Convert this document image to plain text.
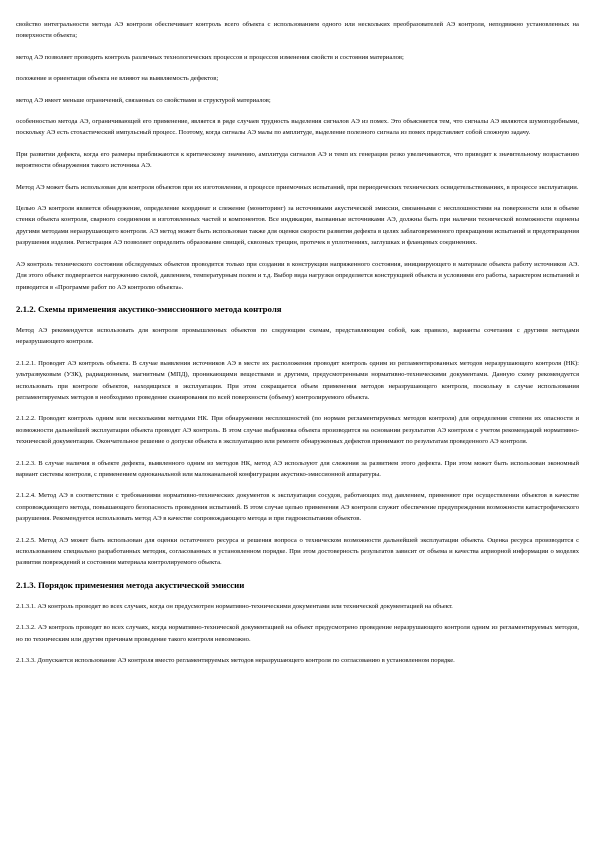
свойство интегральности метода АЭ контроля обеспечивает контроль всего объекта с использованием одного или нескольких преобразователей АЭ контроля, неподвижно установленных на поверхности объекта;

метод АЭ позволяет проводить контроль различных технологических процессов и процессов изменения свойств и состояния материалов;

положение и ориентация объекта не влияют на выявляемость дефектов;

метод АЭ имеет меньше ограничений, связанных со свойствами и структурой материалов;

особенностью метода АЭ, ограничивающей его применение, является в ряде случаев трудность выделения сигналов АЭ из помех. Это объясняется тем, что сигналы АЭ являются шумоподобными, поскольку АЭ есть стохастический импульсный процесс. Поэтому, когда сигналы АЭ малы по амплитуде, выделение полезного сигнала из помех представляет собой сложную задачу.

При развитии дефекта, когда его размеры приближаются к критическому значению, амплитуда сигналов АЭ и темп их генерации резко увеличиваются, что приводит к значительному возрастанию вероятности обнаружения такого источника АЭ.

Метод АЭ может быть использован для контроля объектов при их изготовлении, в процессе приемочных испытаний, при периодических технических освидетельствованиях, в процессе эксплуатации.

Целью АЭ контроля является обнаружение, определение координат и слежение (мониторинг) за источниками акустической эмиссии, связанными с несплошностями на поверхности или в объеме стенки объекта контроля, сварного соединения и изготовленных частей и компонентов. Все индикации, вызванные источниками АЭ, должны быть при наличии технической возможности оценены другими методами неразрушающего контроля. АЭ метод может быть использован также для оценки скорости развития дефекта в целях заблаговременного прекращения испытаний и предотвращения разрушения изделия. Регистрация АЭ позволяет определить образование свищей, сквозных трещин, протечек в уплотнениях, заглушках и фланцевых соединениях.

АЭ контроль технического состояния обследуемых объектов проводится только при создании в конструкции напряженного состояния, инициирующего в материале объекта работу источников АЭ. Для этого объект подвергается нагружению силой, давлением, температурным полем и т.д. Выбор вида нагрузки определяется конструкцией объекта и условиями его работы, характером испытаний и приводится в «Программе работ по АЭ контролю объекта».

2.1.2. Схемы применения акустико-эмиссионного метода контроля

Метод АЭ рекомендуется использовать для контроля промышленных объектов по следующим схемам, представляющим собой, как правило, варианты сочетания с другими методами неразрушающего контроля.

2.1.2.1. Проводят АЭ контроль объекта. В случае выявления источников АЭ в месте их расположения проводят контроль одним из регламентированных методов неразрушающего контроля (НК): ультразвуковым (УЗК), радиационным, магнитным (МПД), проникающими веществами и другими, предусмотренными нормативно-техническими документами. Данную схему рекомендуется использовать при контроле объектов, находящихся в эксплуатации. При этом сокращается объем применения методов неразрушающего контроля, поскольку в случае использования регламентируемых методов в необходимо проведение сканирования по всей поверхности (объему) контролируемого объекта.

2.1.2.2. Проводят контроль одним или несколькими методами НК. При обнаружении несплошностей (по нормам регламентируемых методов контроля) для определения степени их опасности и возможности дальнейшей эксплуатации объекта проводят АЭ контроль. В этом случае выбраковка объекта производится на основании результатов АЭ контроля с учетом рекомендаций нормативно-технической документации. Окончательное решение о допуске объекта в эксплуатацию или ремонте обнаруженных дефектов принимают по результатам проведенного АЭ контроля.

2.1.2.3. В случае наличия в объекте дефекта, выявленного одним из методов НК, метод АЭ используют для слежения за развитием этого дефекта. При этом может быть использован экономный вариант системы контроля, с применением одноканальной или малоканальной конфигурации акустико-эмиссионной аппаратуры.

2.1.2.4. Метод АЭ в соответствии с требованиями нормативно-технических документов к эксплуатации сосудов, работающих под давлением, применяют при осуществлении объектов в качестве сопровождающего метода, повышающего безопасность проведения испытаний. В этом случае целью применения АЭ контроля служит обеспечение предупреждения возможности катастрофического разрушения. Рекомендуется использовать метод АЭ в качестве сопровождающего метода и при гидроиспытании объектов.

2.1.2.5. Метод АЭ может быть использован для оценки остаточного ресурса и решения вопроса о техническом возможности дальнейшей эксплуатации объекта. Оценка ресурса производится с использованием специально разработанных методик, согласованных в установленном порядке. При этом достоверность результатов зависит от объема и качества априорной информации о моделях развития повреждений и состоянии материала контролируемого объекта.

2.1.3. Порядок применения метода акустической эмиссии

2.1.3.1. АЭ контроль проводят во всех случаях, когда он предусмотрен нормативно-техническими документами или технической документацией на объект.

2.1.3.2. АЭ контроль проводят во всех случаях, когда нормативно-технической документацией на объект предусмотрено проведение неразрушающего контроля одним из регламентируемых методов, но по техническим или другим причинам проведение такого контроля невозможно.

2.1.3.3. Допускается использование АЭ контроля вместо регламентируемых методов неразрушающего контроля по согласованию в установленном порядке.
